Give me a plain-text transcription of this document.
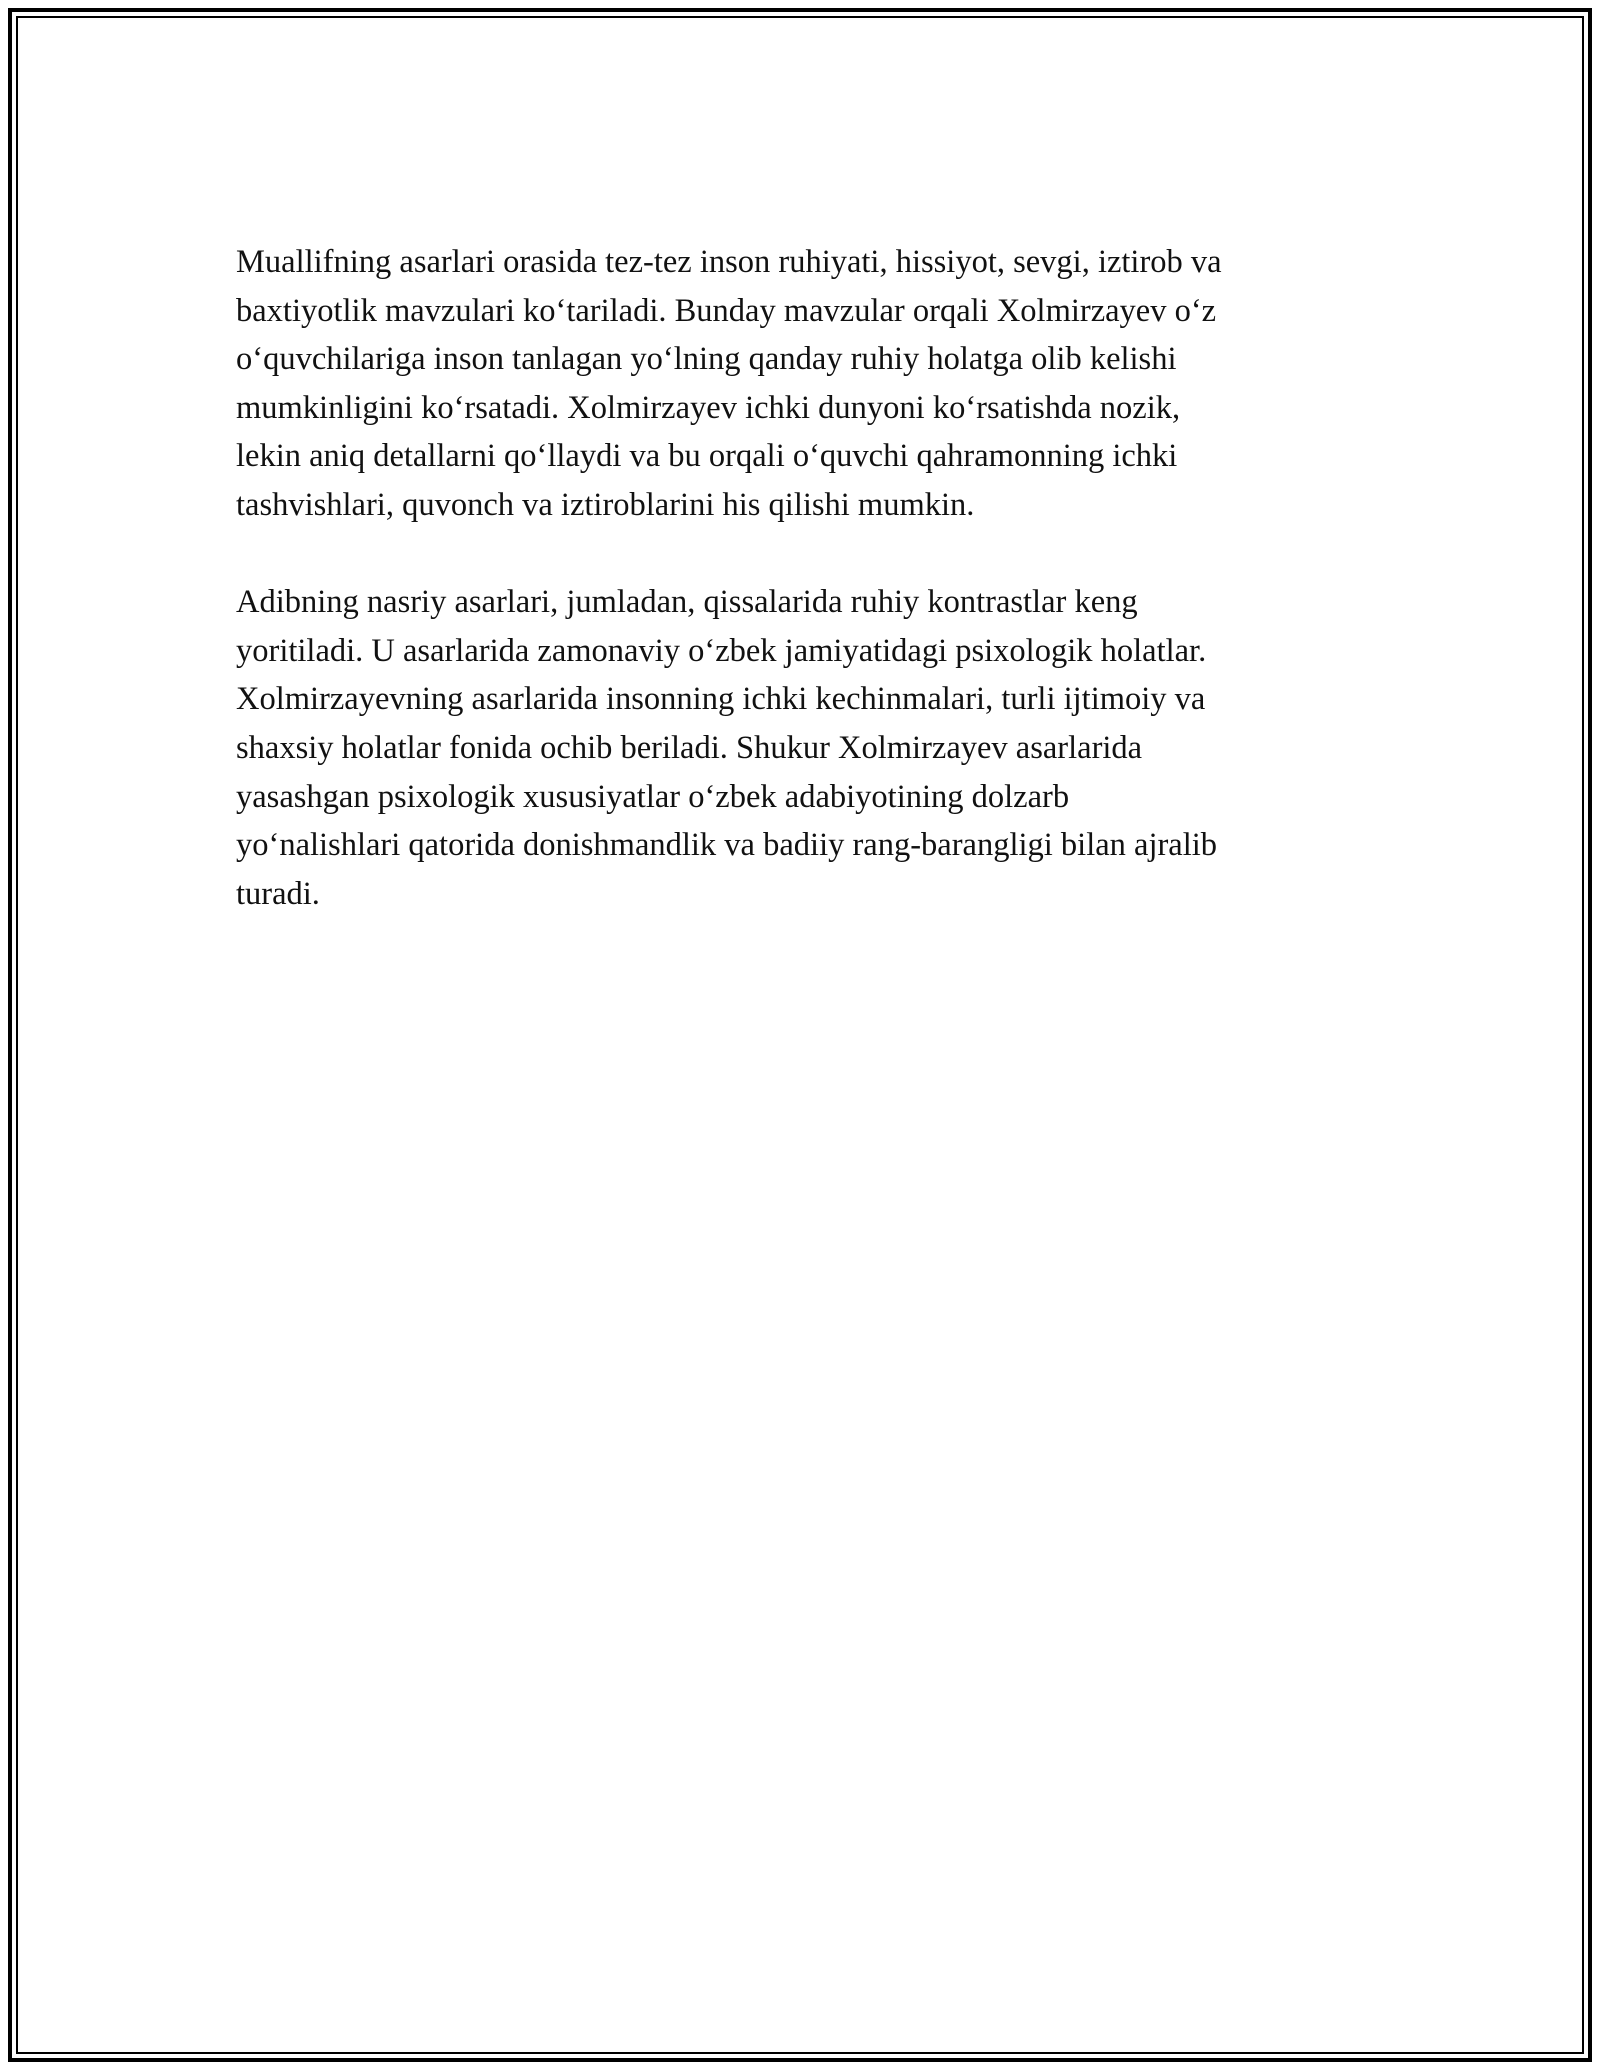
Muallifning asarlari orasida tez-tez inson ruhiyati, hissiyot, sevgi, iztirob va
baxtiyotlik mavzulari ko‘tariladi. Bunday mavzular orqali Xolmirzayev o‘z
o‘quvchilariga inson tanlagan yo‘lning qanday ruhiy holatga olib kelishi
mumkinligini ko‘rsatadi. Xolmirzayev ichki dunyoni ko‘rsatishda nozik,
lekin aniq detallarni qo‘llaydi va bu orqali o‘quvchi qahramonning ichki
tashvishlari, quvonch va iztiroblarini his qilishi mumkin.

Adibning nasriy asarlari, jumladan, qissalarida ruhiy kontrastlar keng
yoritiladi. U asarlarida zamonaviy o‘zbek jamiyatidagi psixologik holatlar.
Xolmirzayevning asarlarida insonning ichki kechinmalari, turli ijtimoiy va
shaxsiy holatlar fonida ochib beriladi. Shukur Xolmirzayev asarlarida
yasashgan psixologik xususiyatlar o‘zbek adabiyotining dolzarb
yo‘nalishlari qatorida donishmandlik va badiiy rang-barangligi bilan ajralib
turadi.
